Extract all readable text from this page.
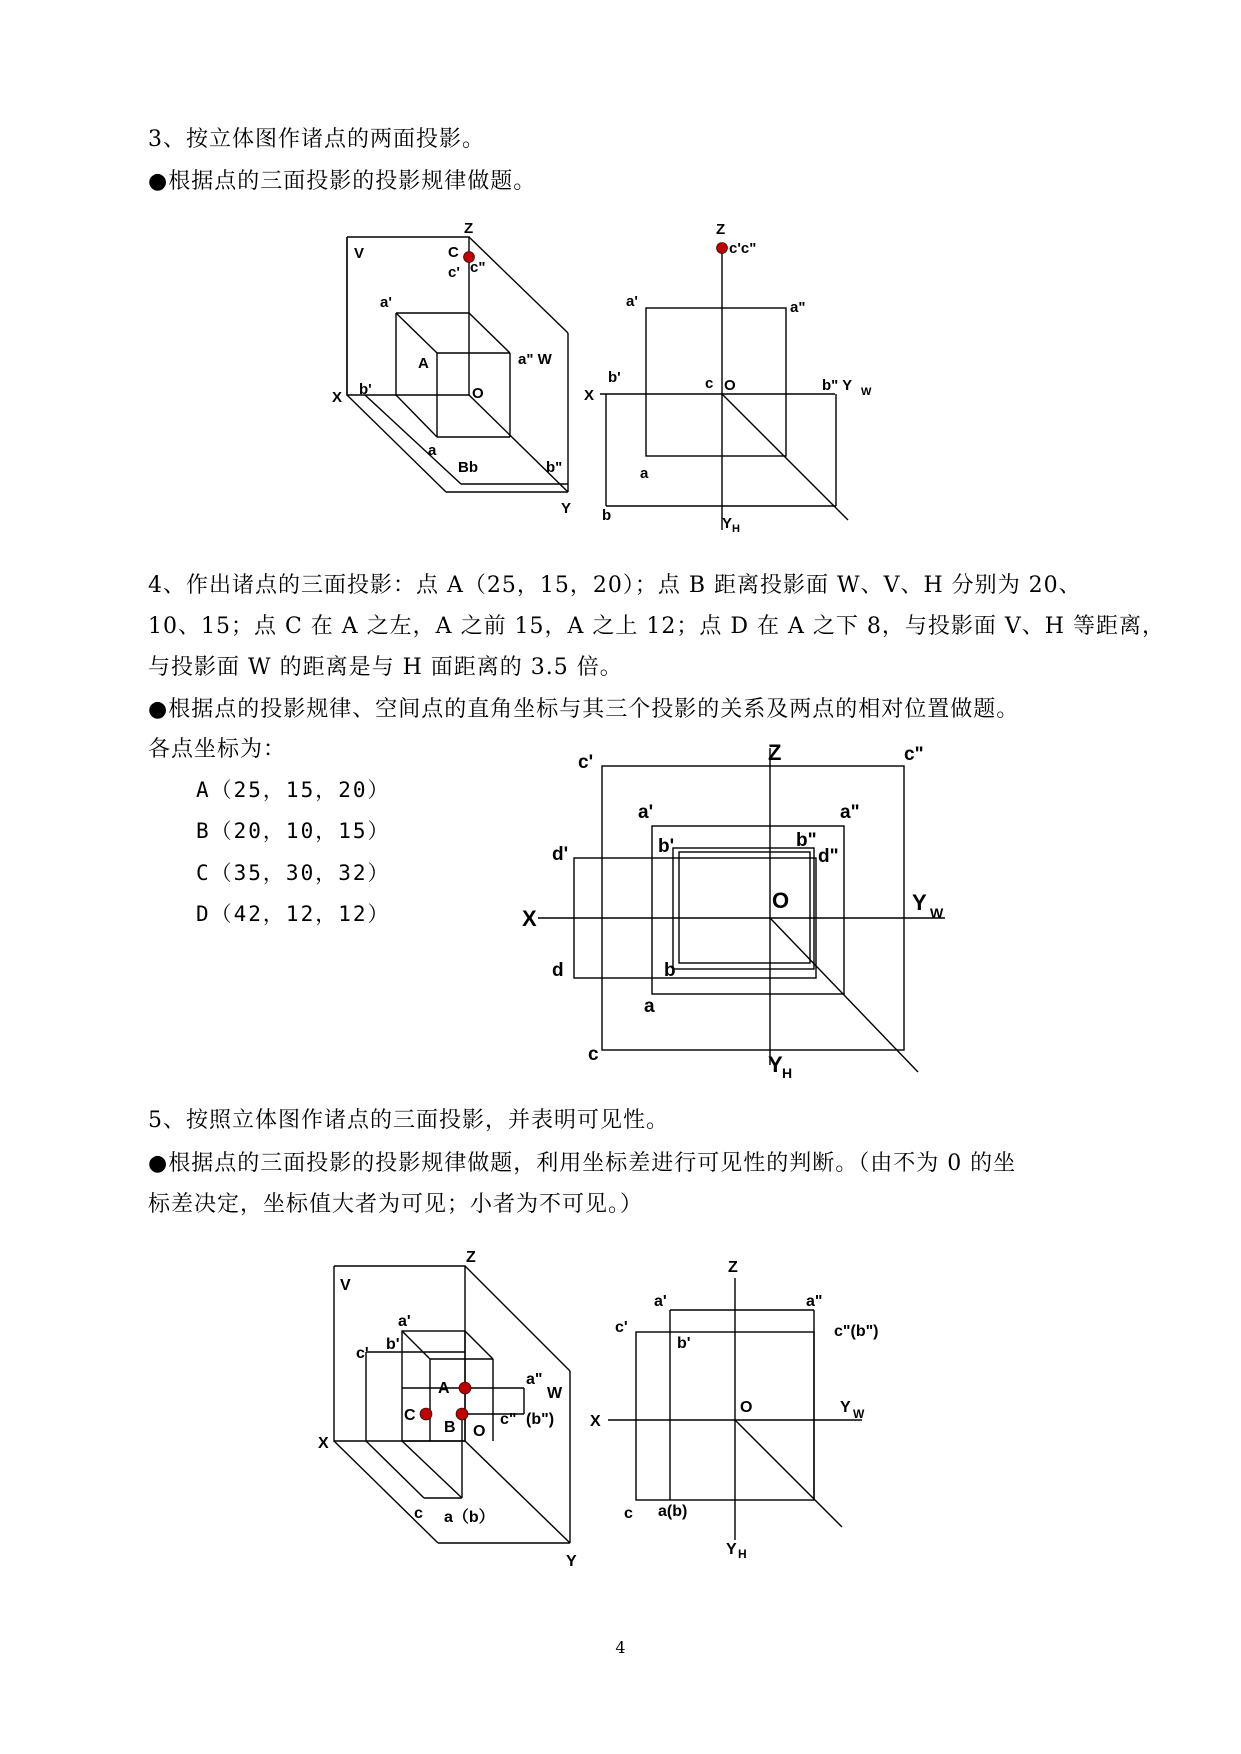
3、按立体图作诸点的两面投影。
●根据点的三面投影的投影规律做题。
4、作出诸点的三面投影：点 A（25，15，20）；点 B 距离投影面 W、V、H 分别为 20、
10、15；点 C 在 A 之左，A 之前 15，A 之上 12；点 D 在 A 之下 8，与投影面 V、H 等距离，
与投影面 W 的距离是与 H 面距离的 3.5 倍。
●根据点的投影规律、空间点的直角坐标与其三个投影的关系及两点的相对位置做题。
各点坐标为：
A（25，15，20）
B（20，10，15）
C（35，30，32）
D（42，12，12）
5、按照立体图作诸点的三面投影，并表明可见性。
●根据点的三面投影的投影规律做题，利用坐标差进行可见性的判断。（由不为 0 的坐
标差决定，坐标值大者为可见；小者为不可见。）
V
Z
C
c' c"
a'
A	a" W
X b'	O
a
Bb	b"
Y
Z
c'c"
a'	a"
X
b'	c O	b" Y W
a
b	Y H
c'	Z	c"
a'	a"
d'	b'	b"
d"
X
O	Y W
d	b
a
c	Y H
Z
V
a'
b'
c'
A
a"
W
C
B O
c" (b")
X
c a（b）
Y
Z
a'	a"
c'	c"(b")
b'
X
O	Y W
c a(b)
Y H
4
